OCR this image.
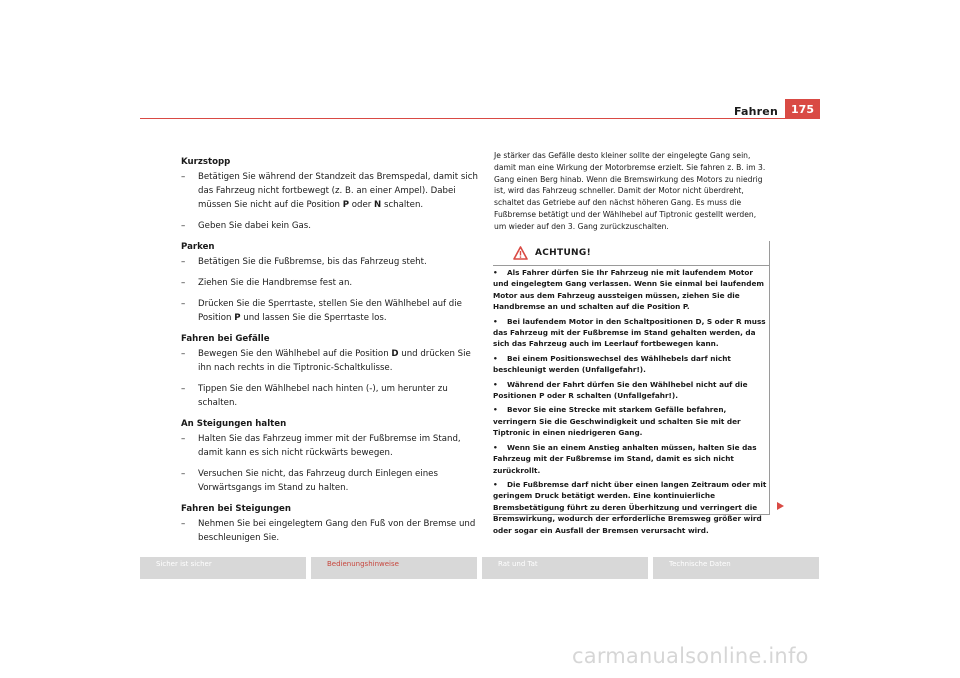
Fahren	175

Kurzstopp

– Betätigen Sie während der Standzeit das Bremspedal, damit sich das Fahrzeug nicht fortbewegt (z. B. an einer Ampel). Dabei müssen Sie nicht auf die Position P oder N schalten.

– Geben Sie dabei kein Gas.

Parken

– Betätigen Sie die Fußbremse, bis das Fahrzeug steht.

– Ziehen Sie die Handbremse fest an.

– Drücken Sie die Sperrtaste, stellen Sie den Wählhebel auf die Position P und lassen Sie die Sperrtaste los.

Fahren bei Gefälle

– Bewegen Sie den Wählhebel auf die Position D und drücken Sie ihn nach rechts in die Tiptronic-Schaltkulisse.

– Tippen Sie den Wählhebel nach hinten (-), um herunter zu schalten.

An Steigungen halten

– Halten Sie das Fahrzeug immer mit der Fußbremse im Stand, damit kann es sich nicht rückwärts bewegen.

– Versuchen Sie nicht, das Fahrzeug durch Einlegen eines Vorwärtsgangs im Stand zu halten.

Fahren bei Steigungen

– Nehmen Sie bei eingelegtem Gang den Fuß von der Bremse und beschleunigen Sie.

Je stärker das Gefälle desto kleiner sollte der eingelegte Gang sein, damit man eine Wirkung der Motorbremse erzielt. Sie fahren z. B. im 3. Gang einen Berg hinab. Wenn die Bremswirkung des Motors zu niedrig ist, wird das Fahrzeug schneller. Damit der Motor nicht überdreht, schaltet das Getriebe auf den nächst höheren Gang. Es muss die Fußbremse betätigt und der Wählhebel auf Tiptronic gestellt werden, um wieder auf den 3. Gang zurückzuschalten.

ACHTUNG!

• Als Fahrer dürfen Sie Ihr Fahrzeug nie mit laufendem Motor und eingelegtem Gang verlassen. Wenn Sie einmal bei laufendem Motor aus dem Fahrzeug aussteigen müssen, ziehen Sie die Handbremse an und schalten auf die Position P.

• Bei laufendem Motor in den Schaltpositionen D, S oder R muss das Fahrzeug mit der Fußbremse im Stand gehalten werden, da sich das Fahrzeug auch im Leerlauf fortbewegen kann.

• Bei einem Positionswechsel des Wählhebels darf nicht beschleunigt werden (Unfallgefahr!).

• Während der Fahrt dürfen Sie den Wählhebel nicht auf die Positionen P oder R schalten (Unfallgefahr!).

• Bevor Sie eine Strecke mit starkem Gefälle befahren, verringern Sie die Geschwindigkeit und schalten Sie mit der Tiptronic in einen niedrigeren Gang.

• Wenn Sie an einem Anstieg anhalten müssen, halten Sie das Fahrzeug mit der Fußbremse im Stand, damit es sich nicht zurückrollt.

• Die Fußbremse darf nicht über einen langen Zeitraum oder mit geringem Druck betätigt werden. Eine kontinuierliche Bremsbetätigung führt zu deren Überhitzung und verringert die Bremswirkung, wodurch der erforderliche Bremsweg größer wird oder sogar ein Ausfall der Bremsen verursacht wird.

Sicher ist sicher	Bedienungshinweise	Rat und Tat	Technische Daten
carmanualsonline.info
